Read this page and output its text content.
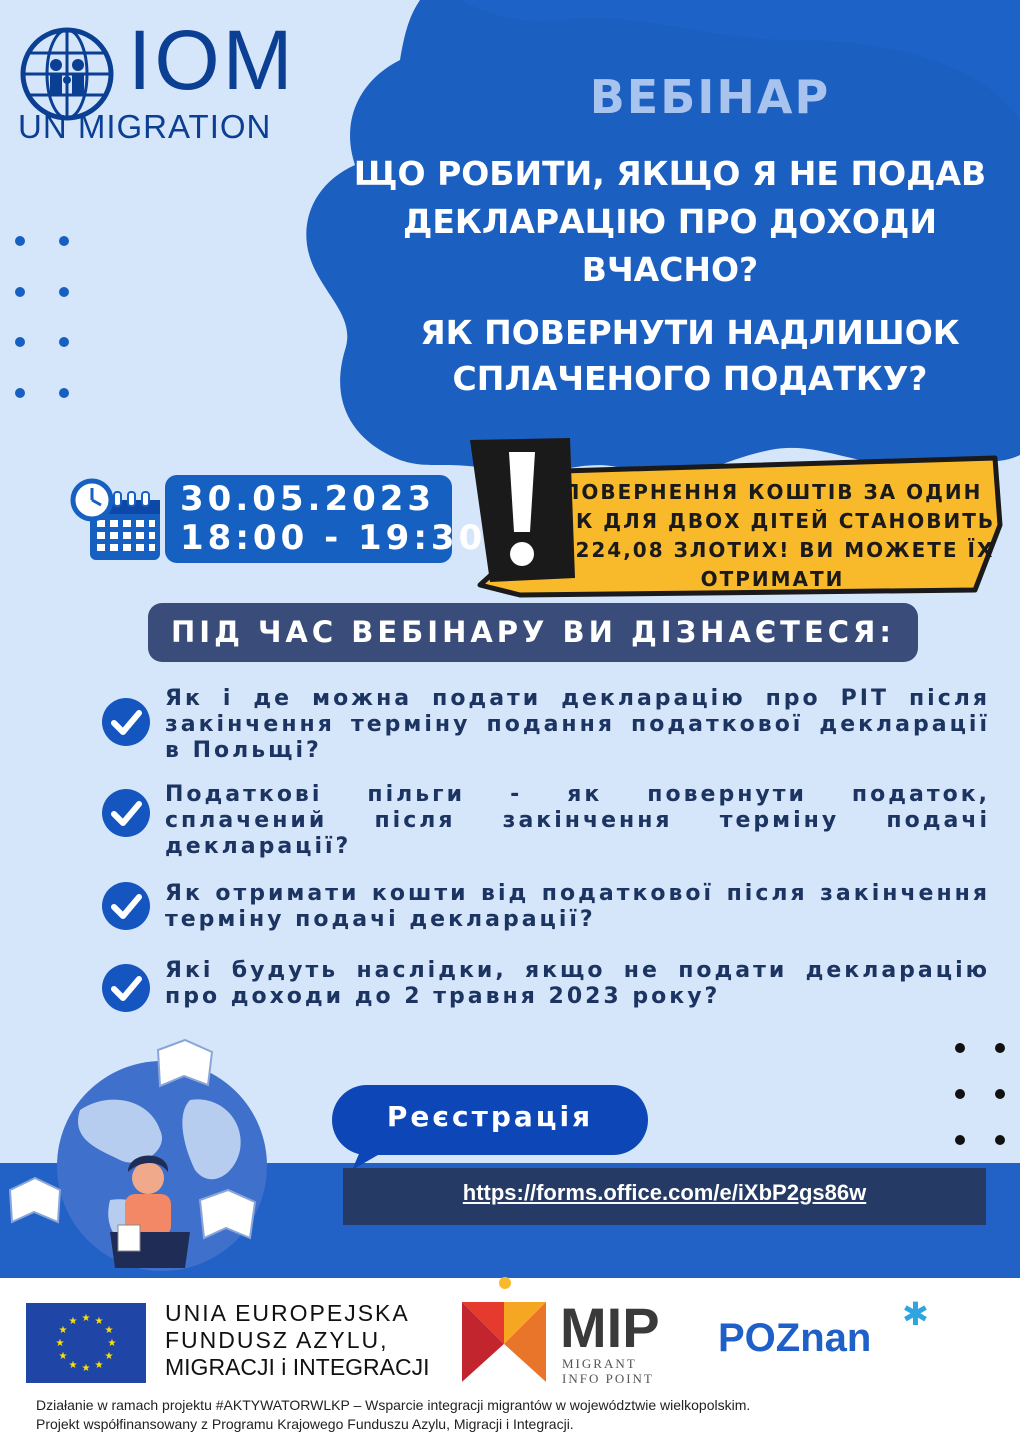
IOM
UN MIGRATION
ВЕБІНАР
ЩО РОБИТИ, ЯКЩО Я НЕ ПОДАВ ДЕКЛАРАЦІЮ ПРО ДОХОДИ ВЧАСНО?
ЯК ПОВЕРНУТИ НАДЛИШОК СПЛАЧЕНОГО ПОДАТКУ?
30.05.2023
18:00 - 19:30
ПОВЕРНЕННЯ КОШТІВ ЗА ОДИН РІК ДЛЯ ДВОХ ДІТЕЙ СТАНОВИТЬ 2 224,08 ЗЛОТИХ! ВИ МОЖЕТЕ ЇХ ОТРИМАТИ
ПІД ЧАС ВЕБІНАРУ ВИ ДІЗНАЄТЕСЯ:
Як і де можна подати декларацію про PIT після закінчення терміну подання податкової декларації в Польщі?
Податкові пільги - як повернути податок, сплачений після закінчення терміну подачі декларації?
Як отримати кошти від податкової після закінчення терміну подачі декларації?
Які будуть наслідки, якщо не подати декларацію про доходи до 2 травня 2023 року?
Реєстрація
https://forms.office.com/e/iXbP2gs86w
★ ★
★
★
★
★
★
★
★
★
★
★	UNIA EUROPEJSKA
FUNDUSZ AZYLU,
MIGRACJI i INTEGRACJI
MIP
MIGRANT
INFO POINT
POZnan
✱
Działanie w ramach projektu #AKTYWATORWLKP – Wsparcie integracji migrantów w województwie wielkopolskim.
Projekt współfinansowany z Programu Krajowego Funduszu Azylu, Migracji i Integracji.
